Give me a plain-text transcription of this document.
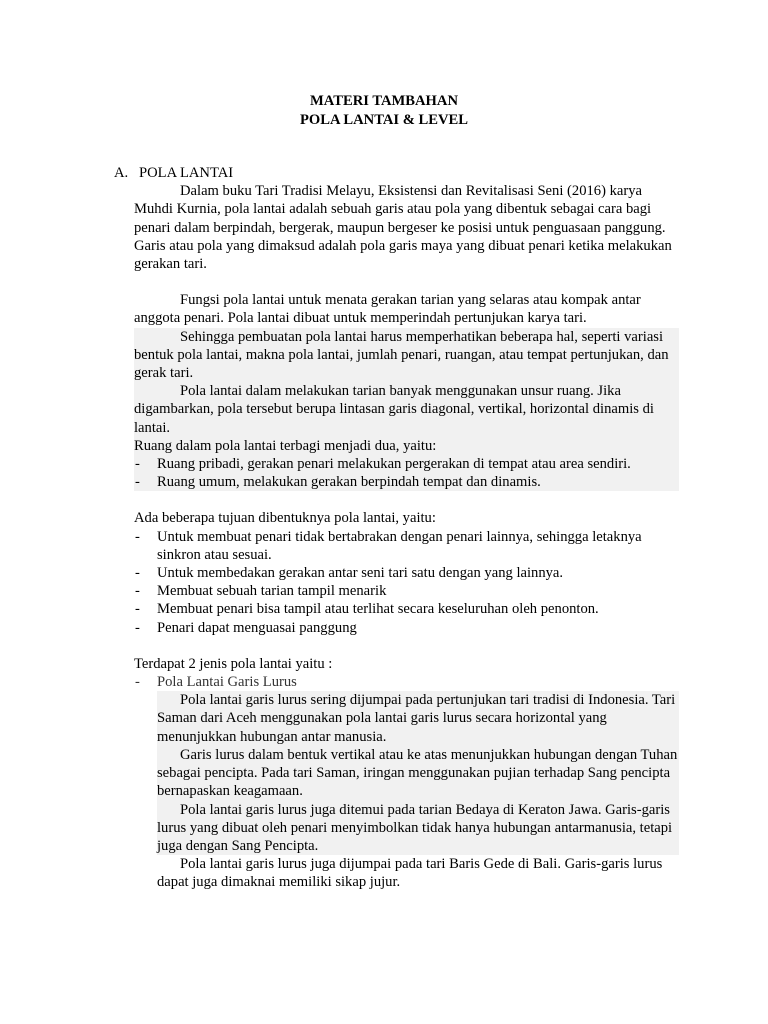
MATERI TAMBAHAN
POLA LANTAI & LEVEL
A. POLA LANTAI

Dalam buku Tari Tradisi Melayu, Eksistensi dan Revitalisasi Seni (2016) karya Muhdi Kurnia, pola lantai adalah sebuah garis atau pola yang dibentuk sebagai cara bagi penari dalam berpindah, bergerak, maupun bergeser ke posisi untuk penguasaan panggung. Garis atau pola yang dimaksud adalah pola garis maya yang dibuat penari ketika melakukan gerakan tari.

Fungsi pola lantai untuk menata gerakan tarian yang selaras atau kompak antar anggota penari. Pola lantai dibuat untuk memperindah pertunjukan karya tari.

Sehingga pembuatan pola lantai harus memperhatikan beberapa hal, seperti variasi bentuk pola lantai, makna pola lantai, jumlah penari, ruangan, atau tempat pertunjukan, dan gerak tari.

Pola lantai dalam melakukan tarian banyak menggunakan unsur ruang. Jika digambarkan, pola tersebut berupa lintasan garis diagonal, vertikal, horizontal dinamis di lantai.

Ruang dalam pola lantai terbagi menjadi dua, yaitu:

- Ruang pribadi, gerakan penari melakukan pergerakan di tempat atau area sendiri.
- Ruang umum, melakukan gerakan berpindah tempat dan dinamis.

Ada beberapa tujuan dibentuknya pola lantai, yaitu:

- Untuk membuat penari tidak bertabrakan dengan penari lainnya, sehingga letaknya sinkron atau sesuai.
- Untuk membedakan gerakan antar seni tari satu dengan yang lainnya.
- Membuat sebuah tarian tampil menarik
- Membuat penari bisa tampil atau terlihat secara keseluruhan oleh penonton.
- Penari dapat menguasai panggung

Terdapat 2 jenis pola lantai yaitu :

- Pola Lantai Garis Lurus

Pola lantai garis lurus sering dijumpai pada pertunjukan tari tradisi di Indonesia. Tari Saman dari Aceh menggunakan pola lantai garis lurus secara horizontal yang menunjukkan hubungan antar manusia.

Garis lurus dalam bentuk vertikal atau ke atas menunjukkan hubungan dengan Tuhan sebagai pencipta. Pada tari Saman, iringan menggunakan pujian terhadap Sang pencipta bernapaskan keagamaan.

Pola lantai garis lurus juga ditemui pada tarian Bedaya di Keraton Jawa. Garis-garis lurus yang dibuat oleh penari menyimbolkan tidak hanya hubungan antarmanusia, tetapi juga dengan Sang Pencipta.

Pola lantai garis lurus juga dijumpai pada tari Baris Gede di Bali. Garis-garis lurus dapat juga dimaknai memiliki sikap jujur.
